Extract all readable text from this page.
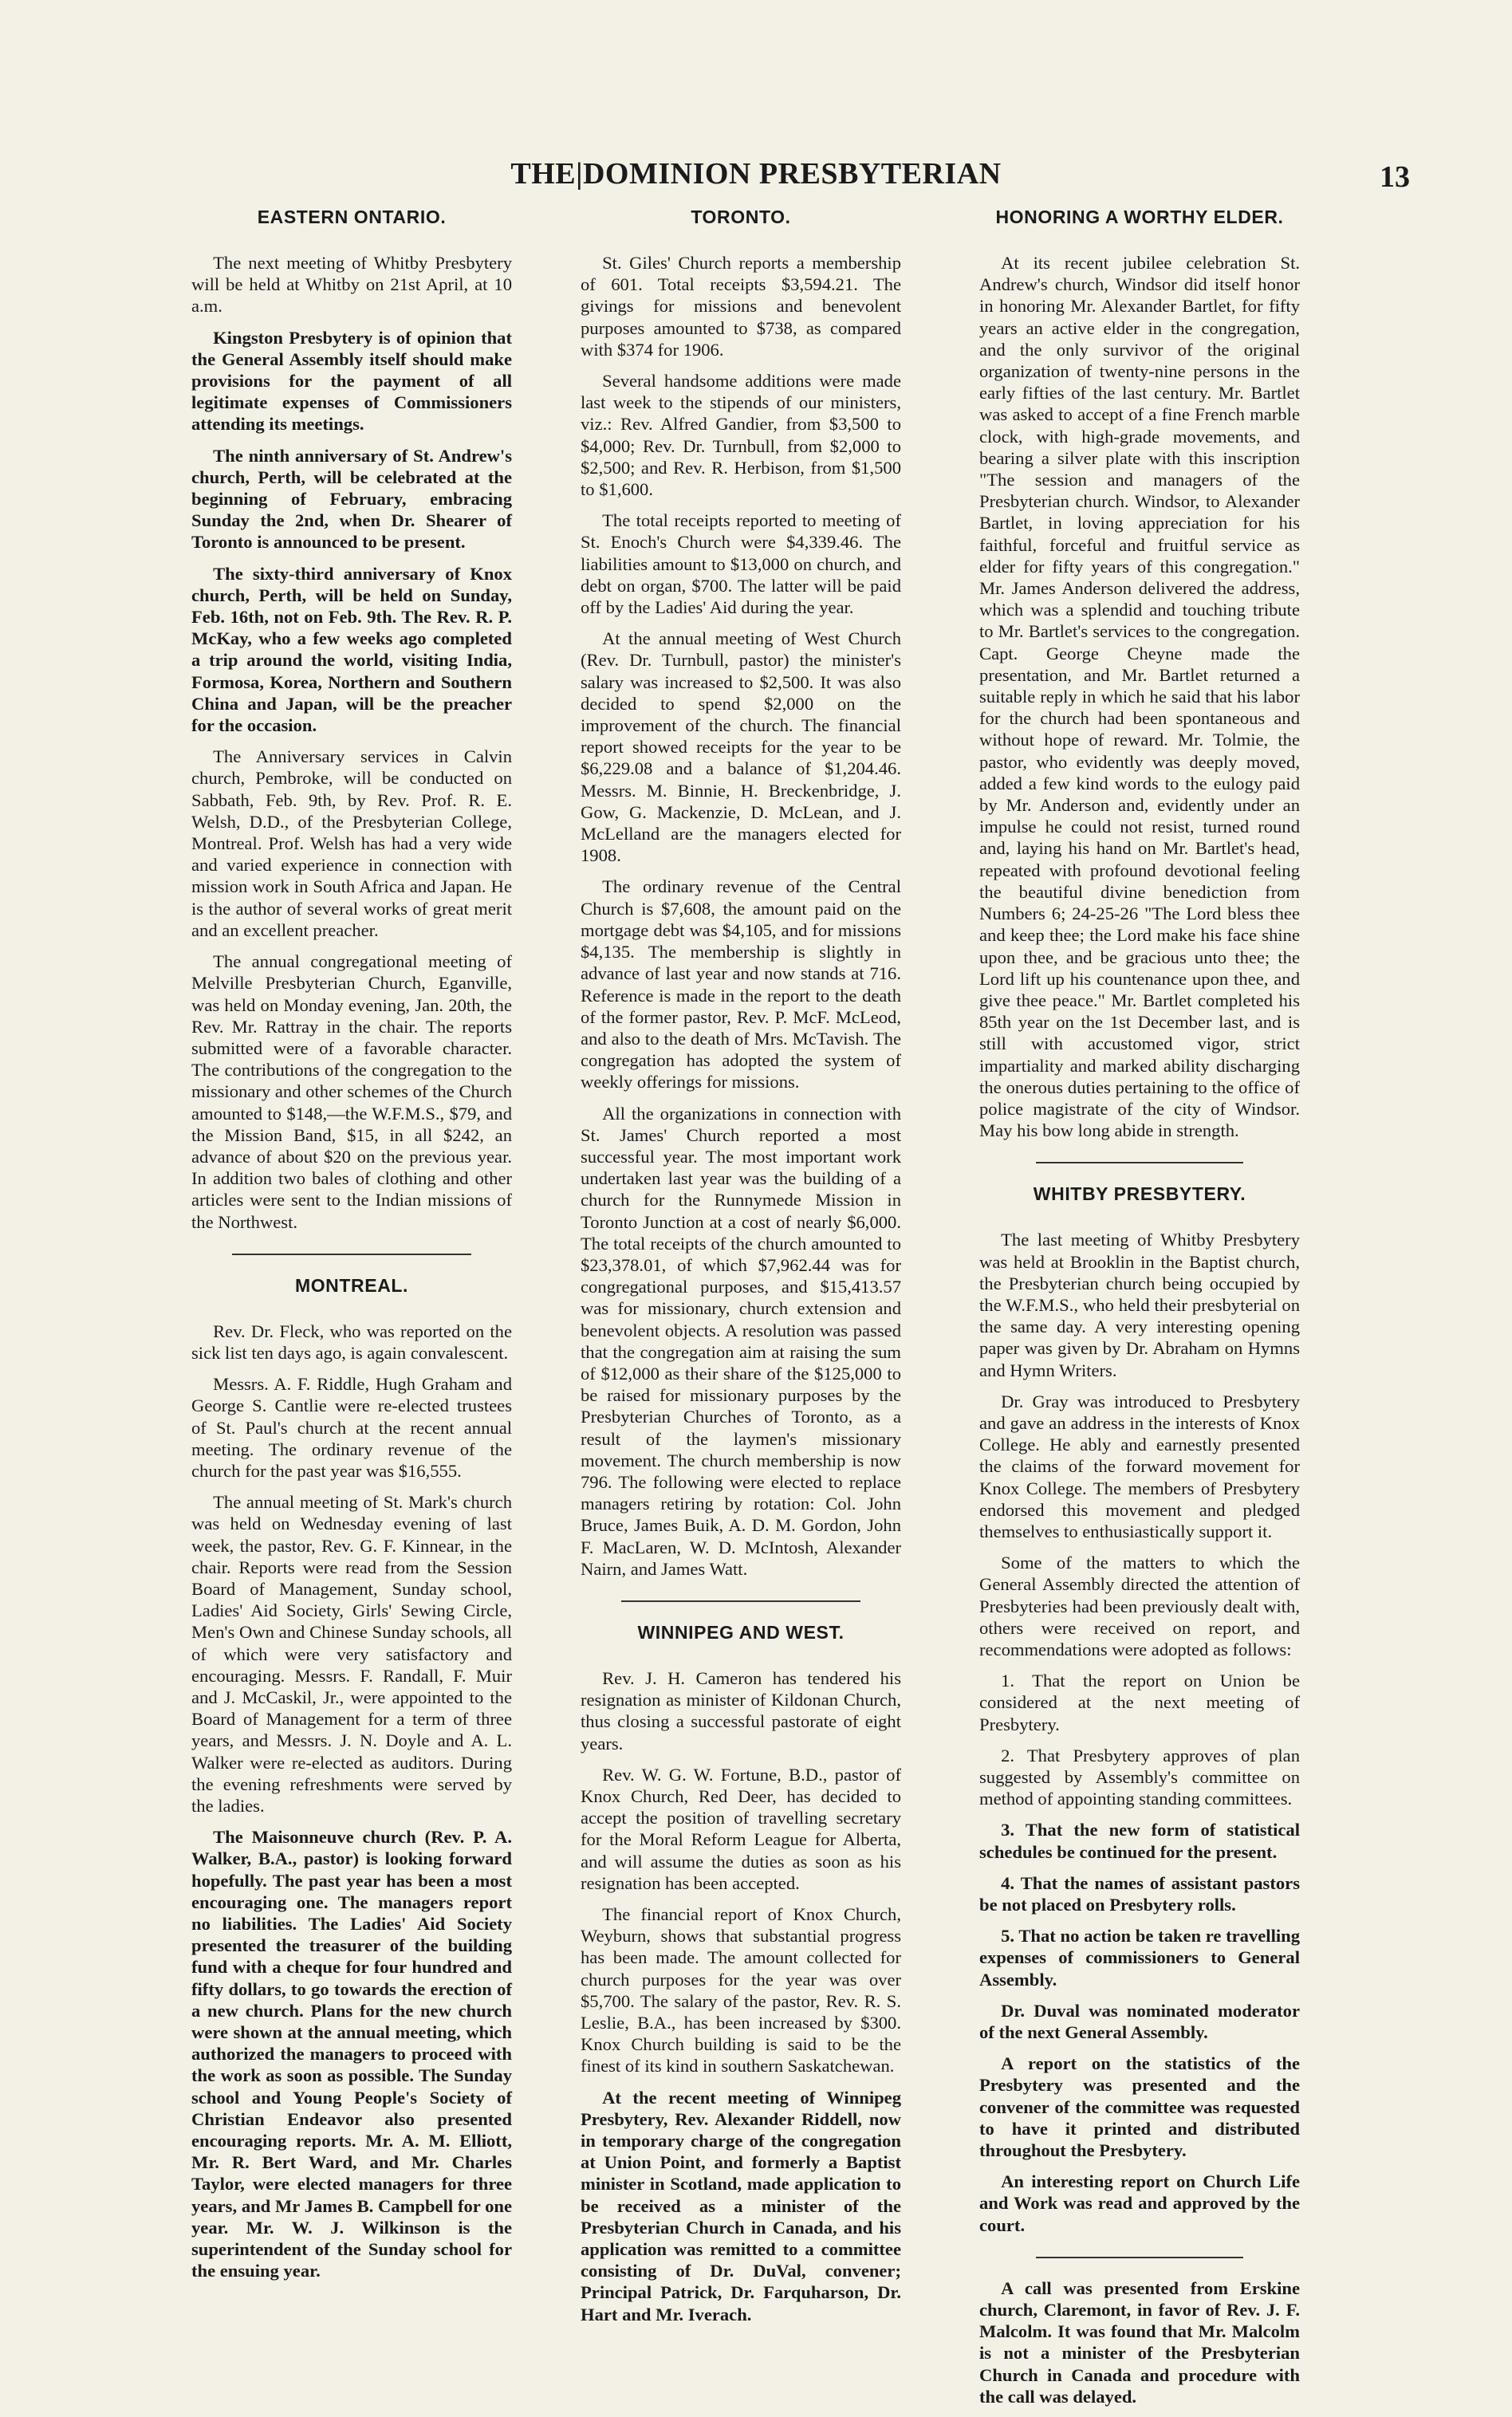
THE|DOMINION PRESBYTERIAN	13
EASTERN ONTARIO.

The next meeting of Whitby Presbytery will be held at Whitby on 21st April, at 10 a.m.

Kingston Presbytery is of opinion that the General Assembly itself should make provisions for the payment of all legitimate expenses of Commissioners attending its meetings.

The ninth anniversary of St. Andrew's church, Perth, will be celebrated at the beginning of February, embracing Sunday the 2nd, when Dr. Shearer of Toronto is announced to be present.

The sixty-third anniversary of Knox church, Perth, will be held on Sunday, Feb. 16th, not on Feb. 9th. The Rev. R. P. McKay, who a few weeks ago completed a trip around the world, visiting India, Formosa, Korea, Northern and Southern China and Japan, will be the preacher for the occasion.

The Anniversary services in Calvin church, Pembroke, will be conducted on Sabbath, Feb. 9th, by Rev. Prof. R. E. Welsh, D.D., of the Presbyterian College, Montreal. Prof. Welsh has had a very wide and varied experience in connection with mission work in South Africa and Japan. He is the author of several works of great merit and an excellent preacher.

The annual congregational meeting of Melville Presbyterian Church, Eganville, was held on Monday evening, Jan. 20th, the Rev. Mr. Rattray in the chair. The reports submitted were of a favorable character. The contributions of the congregation to the missionary and other schemes of the Church amounted to $148,—the W.F.M.S., $79, and the Mission Band, $15, in all $242, an advance of about $20 on the previous year. In addition two bales of clothing and other articles were sent to the Indian missions of the Northwest.

MONTREAL.

Rev. Dr. Fleck, who was reported on the sick list ten days ago, is again convalescent.

Messrs. A. F. Riddle, Hugh Graham and George S. Cantlie were re-elected trustees of St. Paul's church at the recent annual meeting. The ordinary revenue of the church for the past year was $16,555.

The annual meeting of St. Mark's church was held on Wednesday evening of last week, the pastor, Rev. G. F. Kinnear, in the chair. Reports were read from the Session Board of Management, Sunday school, Ladies' Aid Society, Girls' Sewing Circle, Men's Own and Chinese Sunday schools, all of which were very satisfactory and encouraging. Messrs. F. Randall, F. Muir and J. McCaskil, Jr., were appointed to the Board of Management for a term of three years, and Messrs. J. N. Doyle and A. L. Walker were re-elected as auditors. During the evening refreshments were served by the ladies.

The Maisonneuve church (Rev. P. A. Walker, B.A., pastor) is looking forward hopefully. The past year has been a most encouraging one. The managers report no liabilities. The Ladies' Aid Society presented the treasurer of the building fund with a cheque for four hundred and fifty dollars, to go towards the erection of a new church. Plans for the new church were shown at the annual meeting, which authorized the managers to proceed with the work as soon as possible. The Sunday school and Young People's Society of Christian Endeavor also presented encouraging reports. Mr. A. M. Elliott, Mr. R. Bert Ward, and Mr. Charles Taylor, were elected managers for three years, and Mr James B. Campbell for one year. Mr. W. J. Wilkinson is the superintendent of the Sunday school for the ensuing year.

TORONTO.

St. Giles' Church reports a membership of 601. Total receipts $3,594.21. The givings for missions and benevolent purposes amounted to $738, as compared with $374 for 1906.

Several handsome additions were made last week to the stipends of our ministers, viz.: Rev. Alfred Gandier, from $3,500 to $4,000; Rev. Dr. Turnbull, from $2,000 to $2,500; and Rev. R. Herbison, from $1,500 to $1,600.

The total receipts reported to meeting of St. Enoch's Church were $4,339.46. The liabilities amount to $13,000 on church, and debt on organ, $700. The latter will be paid off by the Ladies' Aid during the year.

At the annual meeting of West Church (Rev. Dr. Turnbull, pastor) the minister's salary was increased to $2,500. It was also decided to spend $2,000 on the improvement of the church. The financial report showed receipts for the year to be $6,229.08 and a balance of $1,204.46. Messrs. M. Binnie, H. Breckenbridge, J. Gow, G. Mackenzie, D. McLean, and J. McLelland are the managers elected for 1908.

The ordinary revenue of the Central Church is $7,608, the amount paid on the mortgage debt was $4,105, and for missions $4,135. The membership is slightly in advance of last year and now stands at 716. Reference is made in the report to the death of the former pastor, Rev. P. McF. McLeod, and also to the death of Mrs. McTavish. The congregation has adopted the system of weekly offerings for missions.

All the organizations in connection with St. James' Church reported a most successful year. The most important work undertaken last year was the building of a church for the Runnymede Mission in Toronto Junction at a cost of nearly $6,000. The total receipts of the church amounted to $23,378.01, of which $7,962.44 was for congregational purposes, and $15,413.57 was for missionary, church extension and benevolent objects. A resolution was passed that the congregation aim at raising the sum of $12,000 as their share of the $125,000 to be raised for missionary purposes by the Presbyterian Churches of Toronto, as a result of the laymen's missionary movement. The church membership is now 796. The following were elected to replace managers retiring by rotation: Col. John Bruce, James Buik, A. D. M. Gordon, John F. MacLaren, W. D. McIntosh, Alexander Nairn, and James Watt.

WINNIPEG AND WEST.

Rev. J. H. Cameron has tendered his resignation as minister of Kildonan Church, thus closing a successful pastorate of eight years.

Rev. W. G. W. Fortune, B.D., pastor of Knox Church, Red Deer, has decided to accept the position of travelling secretary for the Moral Reform League for Alberta, and will assume the duties as soon as his resignation has been accepted.

The financial report of Knox Church, Weyburn, shows that substantial progress has been made. The amount collected for church purposes for the year was over $5,700. The salary of the pastor, Rev. R. S. Leslie, B.A., has been increased by $300. Knox Church building is said to be the finest of its kind in southern Saskatchewan.

At the recent meeting of Winnipeg Presbytery, Rev. Alexander Riddell, now in temporary charge of the congregation at Union Point, and formerly a Baptist minister in Scotland, made application to be received as a minister of the Presbyterian Church in Canada, and his application was remitted to a committee consisting of Dr. DuVal, convener; Principal Patrick, Dr. Farquharson, Dr. Hart and Mr. Iverach.

HONORING A WORTHY ELDER.

At its recent jubilee celebration St. Andrew's church, Windsor did itself honor in honoring Mr. Alexander Bartlet, for fifty years an active elder in the congregation, and the only survivor of the original organization of twenty-nine persons in the early fifties of the last century. Mr. Bartlet was asked to accept of a fine French marble clock, with high-grade movements, and bearing a silver plate with this inscription "The session and managers of the Presbyterian church. Windsor, to Alexander Bartlet, in loving appreciation for his faithful, forceful and fruitful service as elder for fifty years of this congregation." Mr. James Anderson delivered the address, which was a splendid and touching tribute to Mr. Bartlet's services to the congregation. Capt. George Cheyne made the presentation, and Mr. Bartlet returned a suitable reply in which he said that his labor for the church had been spontaneous and without hope of reward. Mr. Tolmie, the pastor, who evidently was deeply moved, added a few kind words to the eulogy paid by Mr. Anderson and, evidently under an impulse he could not resist, turned round and, laying his hand on Mr. Bartlet's head, repeated with profound devotional feeling the beautiful divine benediction from Numbers 6; 24-25-26 "The Lord bless thee and keep thee; the Lord make his face shine upon thee, and be gracious unto thee; the Lord lift up his countenance upon thee, and give thee peace." Mr. Bartlet completed his 85th year on the 1st December last, and is still with accustomed vigor, strict impartiality and marked ability discharging the onerous duties pertaining to the office of police magistrate of the city of Windsor. May his bow long abide in strength.

WHITBY PRESBYTERY.

The last meeting of Whitby Presbytery was held at Brooklin in the Baptist church, the Presbyterian church being occupied by the W.F.M.S., who held their presbyterial on the same day. A very interesting opening paper was given by Dr. Abraham on Hymns and Hymn Writers.

Dr. Gray was introduced to Presbytery and gave an address in the interests of Knox College. He ably and earnestly presented the claims of the forward movement for Knox College. The members of Presbytery endorsed this movement and pledged themselves to enthusiastically support it.

Some of the matters to which the General Assembly directed the attention of Presbyteries had been previously dealt with, others were received on report, and recommendations were adopted as follows:

1. That the report on Union be considered at the next meeting of Presbytery.

2. That Presbytery approves of plan suggested by Assembly's committee on method of appointing standing committees.

3. That the new form of statistical schedules be continued for the present.

4. That the names of assistant pastors be not placed on Presbytery rolls.

5. That no action be taken re travelling expenses of commissioners to General Assembly.

Dr. Duval was nominated moderator of the next General Assembly.

A report on the statistics of the Presbytery was presented and the convener of the committee was requested to have it printed and distributed throughout the Presbytery.

An interesting report on Church Life and Work was read and approved by the court.

A call was presented from Erskine church, Claremont, in favor of Rev. J. F. Malcolm. It was found that Mr. Malcolm is not a minister of the Presbyterian Church in Canada and procedure with the call was delayed.
